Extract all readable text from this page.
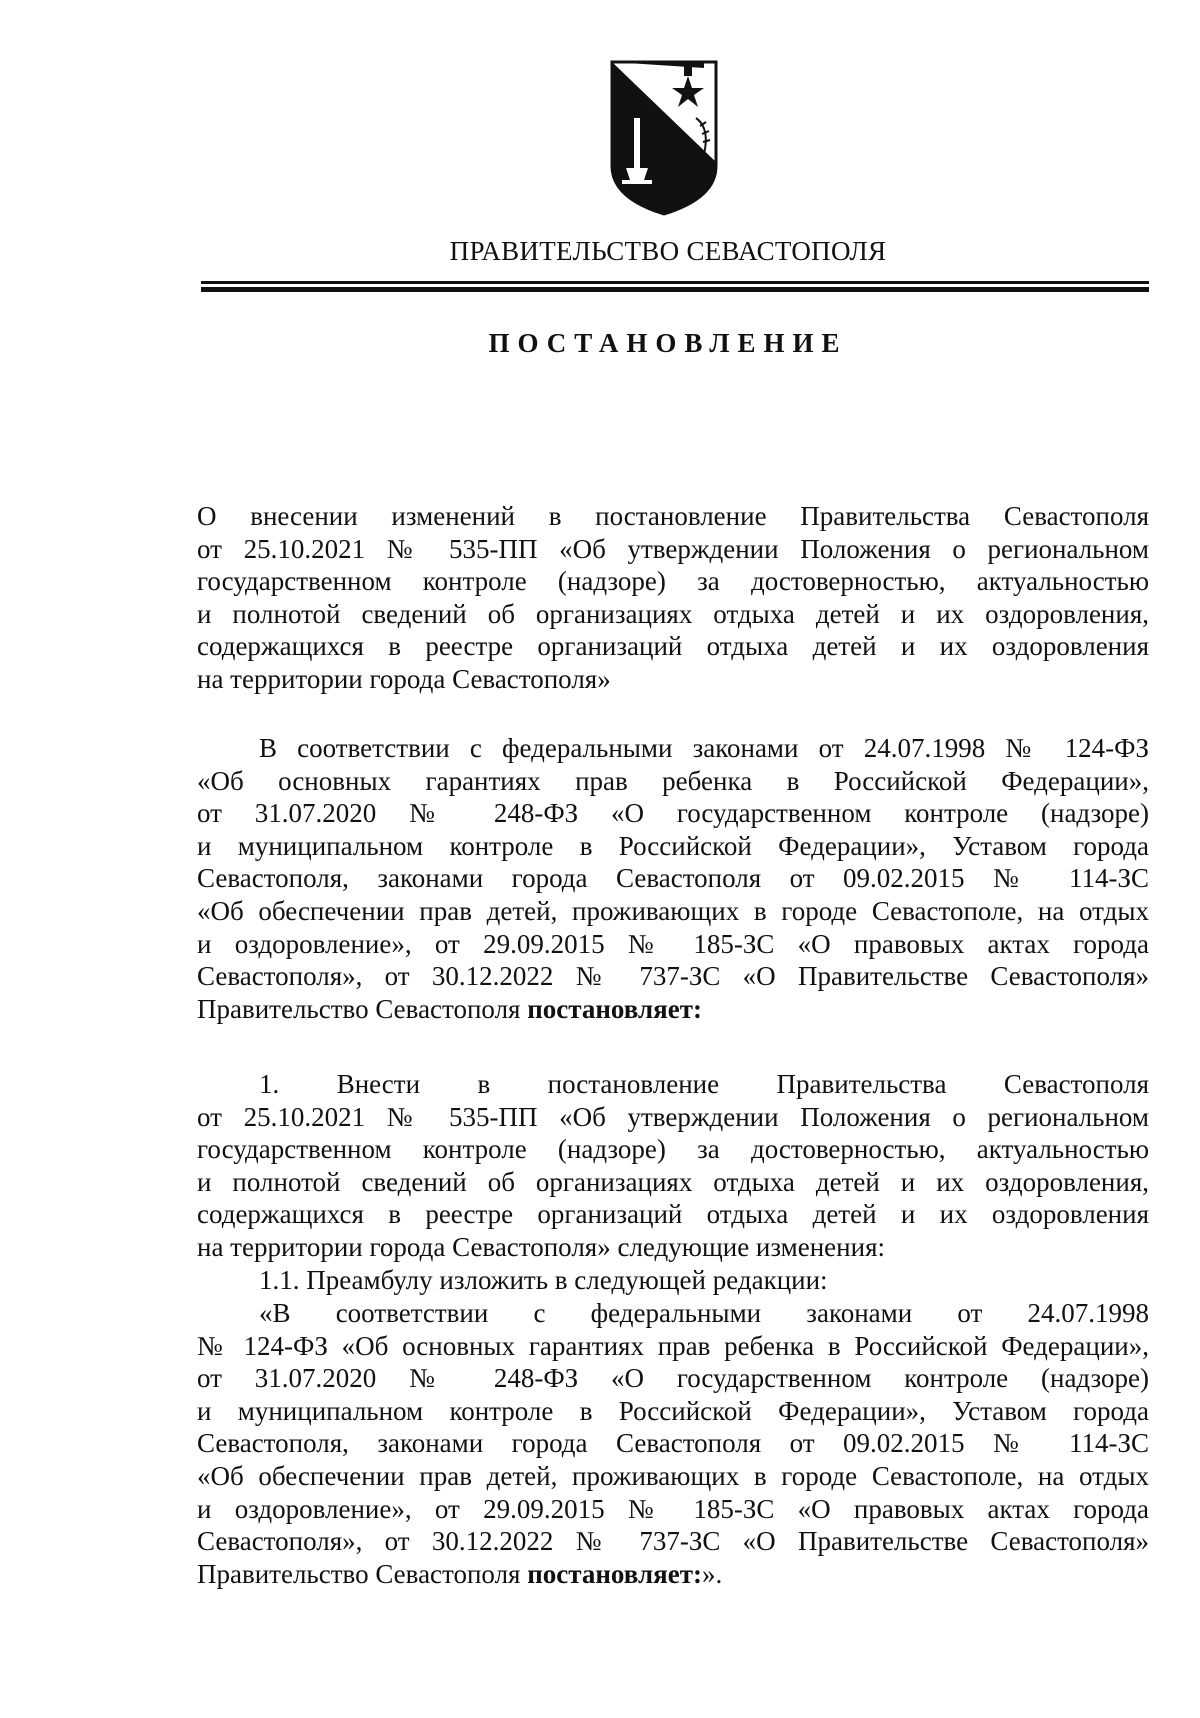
ПРАВИТЕЛЬСТВО СЕВАСТОПОЛЯ
ПОСТАНОВЛЕНИЕ
О внесении изменений в постановление Правительства Севастополя
от 25.10.2021 № 535-ПП «Об утверждении Положения о региональном
государственном контроле (надзоре) за достоверностью, актуальностью
и полнотой сведений об организациях отдыха детей и их оздоровления,
содержащихся в реестре организаций отдыха детей и их оздоровления
на территории города Севастополя»
В соответствии с федеральными законами от 24.07.1998 № 124-ФЗ
«Об основных гарантиях прав ребенка в Российской Федерации»,
от 31.07.2020 № 248-ФЗ «О государственном контроле (надзоре)
и муниципальном контроле в Российской Федерации», Уставом города
Севастополя, законами города Севастополя от 09.02.2015 № 114-ЗС
«Об обеспечении прав детей, проживающих в городе Севастополе, на отдых
и оздоровление», от 29.09.2015 № 185-ЗС «О правовых актах города
Севастополя», от 30.12.2022 № 737-ЗС «О Правительстве Севастополя»
Правительство Севастополя постановляет:
1. Внести в постановление Правительства Севастополя
от 25.10.2021 № 535-ПП «Об утверждении Положения о региональном
государственном контроле (надзоре) за достоверностью, актуальностью
и полнотой сведений об организациях отдыха детей и их оздоровления,
содержащихся в реестре организаций отдыха детей и их оздоровления
на территории города Севастополя» следующие изменения:
1.1. Преамбулу изложить в следующей редакции:
«В соответствии с федеральными законами от 24.07.1998
№ 124-ФЗ «Об основных гарантиях прав ребенка в Российской Федерации»,
от 31.07.2020 № 248-ФЗ «О государственном контроле (надзоре)
и муниципальном контроле в Российской Федерации», Уставом города
Севастополя, законами города Севастополя от 09.02.2015 № 114-ЗС
«Об обеспечении прав детей, проживающих в городе Севастополе, на отдых
и оздоровление», от 29.09.2015 № 185-ЗС «О правовых актах города
Севастополя», от 30.12.2022 № 737-ЗС «О Правительстве Севастополя»
Правительство Севастополя постановляет:».
